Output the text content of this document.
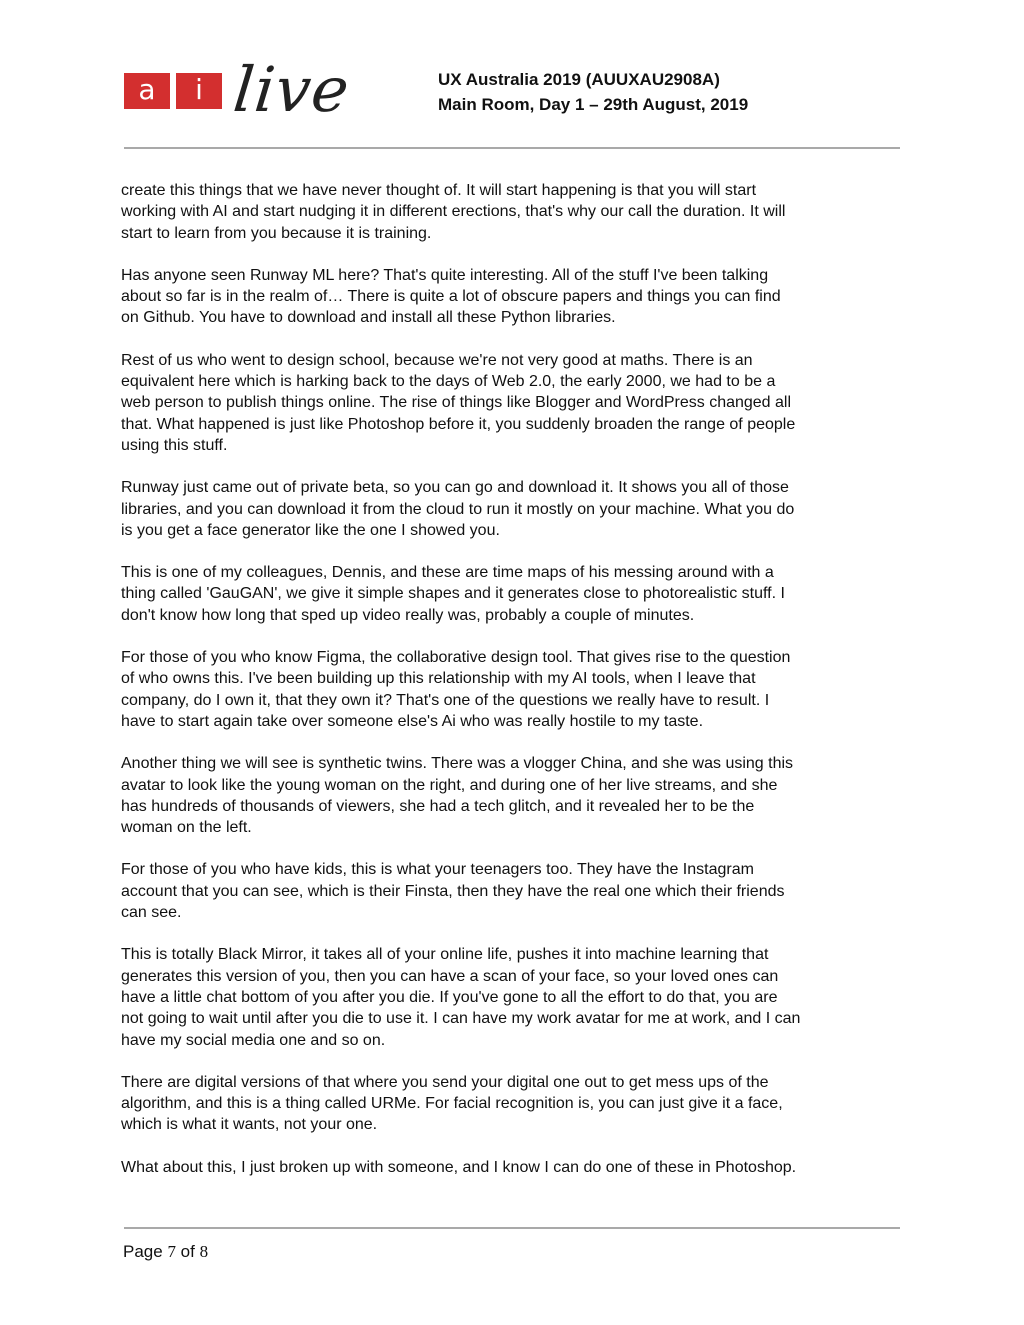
a	i live	UX Australia 2019 (AUUXAU2908A)
Main Room, Day 1 – 29th August, 2019

create this things that we have never thought of. It will start happening is that you will start
working with AI and start nudging it in different erections, that's why our call the duration. It will
start to learn from you because it is training.

Has anyone seen Runway ML here? That's quite interesting. All of the stuff I've been talking
about so far is in the realm of… There is quite a lot of obscure papers and things you can find
on Github. You have to download and install all these Python libraries.

Rest of us who went to design school, because we're not very good at maths. There is an
equivalent here which is harking back to the days of Web 2.0, the early 2000, we had to be a
web person to publish things online. The rise of things like Blogger and WordPress changed all
that. What happened is just like Photoshop before it, you suddenly broaden the range of people
using this stuff.

Runway just came out of private beta, so you can go and download it. It shows you all of those
libraries, and you can download it from the cloud to run it mostly on your machine. What you do
is you get a face generator like the one I showed you.

This is one of my colleagues, Dennis, and these are time maps of his messing around with a
thing called 'GauGAN', we give it simple shapes and it generates close to photorealistic stuff. I
don't know how long that sped up video really was, probably a couple of minutes.

For those of you who know Figma, the collaborative design tool. That gives rise to the question
of who owns this. I've been building up this relationship with my AI tools, when I leave that
company, do I own it, that they own it? That's one of the questions we really have to result. I
have to start again take over someone else's Ai who was really hostile to my taste.

Another thing we will see is synthetic twins. There was a vlogger China, and she was using this
avatar to look like the young woman on the right, and during one of her live streams, and she
has hundreds of thousands of viewers, she had a tech glitch, and it revealed her to be the
woman on the left.

For those of you who have kids, this is what your teenagers too. They have the Instagram
account that you can see, which is their Finsta, then they have the real one which their friends
can see.

This is totally Black Mirror, it takes all of your online life, pushes it into machine learning that
generates this version of you, then you can have a scan of your face, so your loved ones can
have a little chat bottom of you after you die. If you've gone to all the effort to do that, you are
not going to wait until after you die to use it. I can have my work avatar for me at work, and I can
have my social media one and so on.

There are digital versions of that where you send your digital one out to get mess ups of the
algorithm, and this is a thing called URMe. For facial recognition is, you can just give it a face,
which is what it wants, not your one.

What about this, I just broken up with someone, and I know I can do one of these in Photoshop.

Page 7 of 8
